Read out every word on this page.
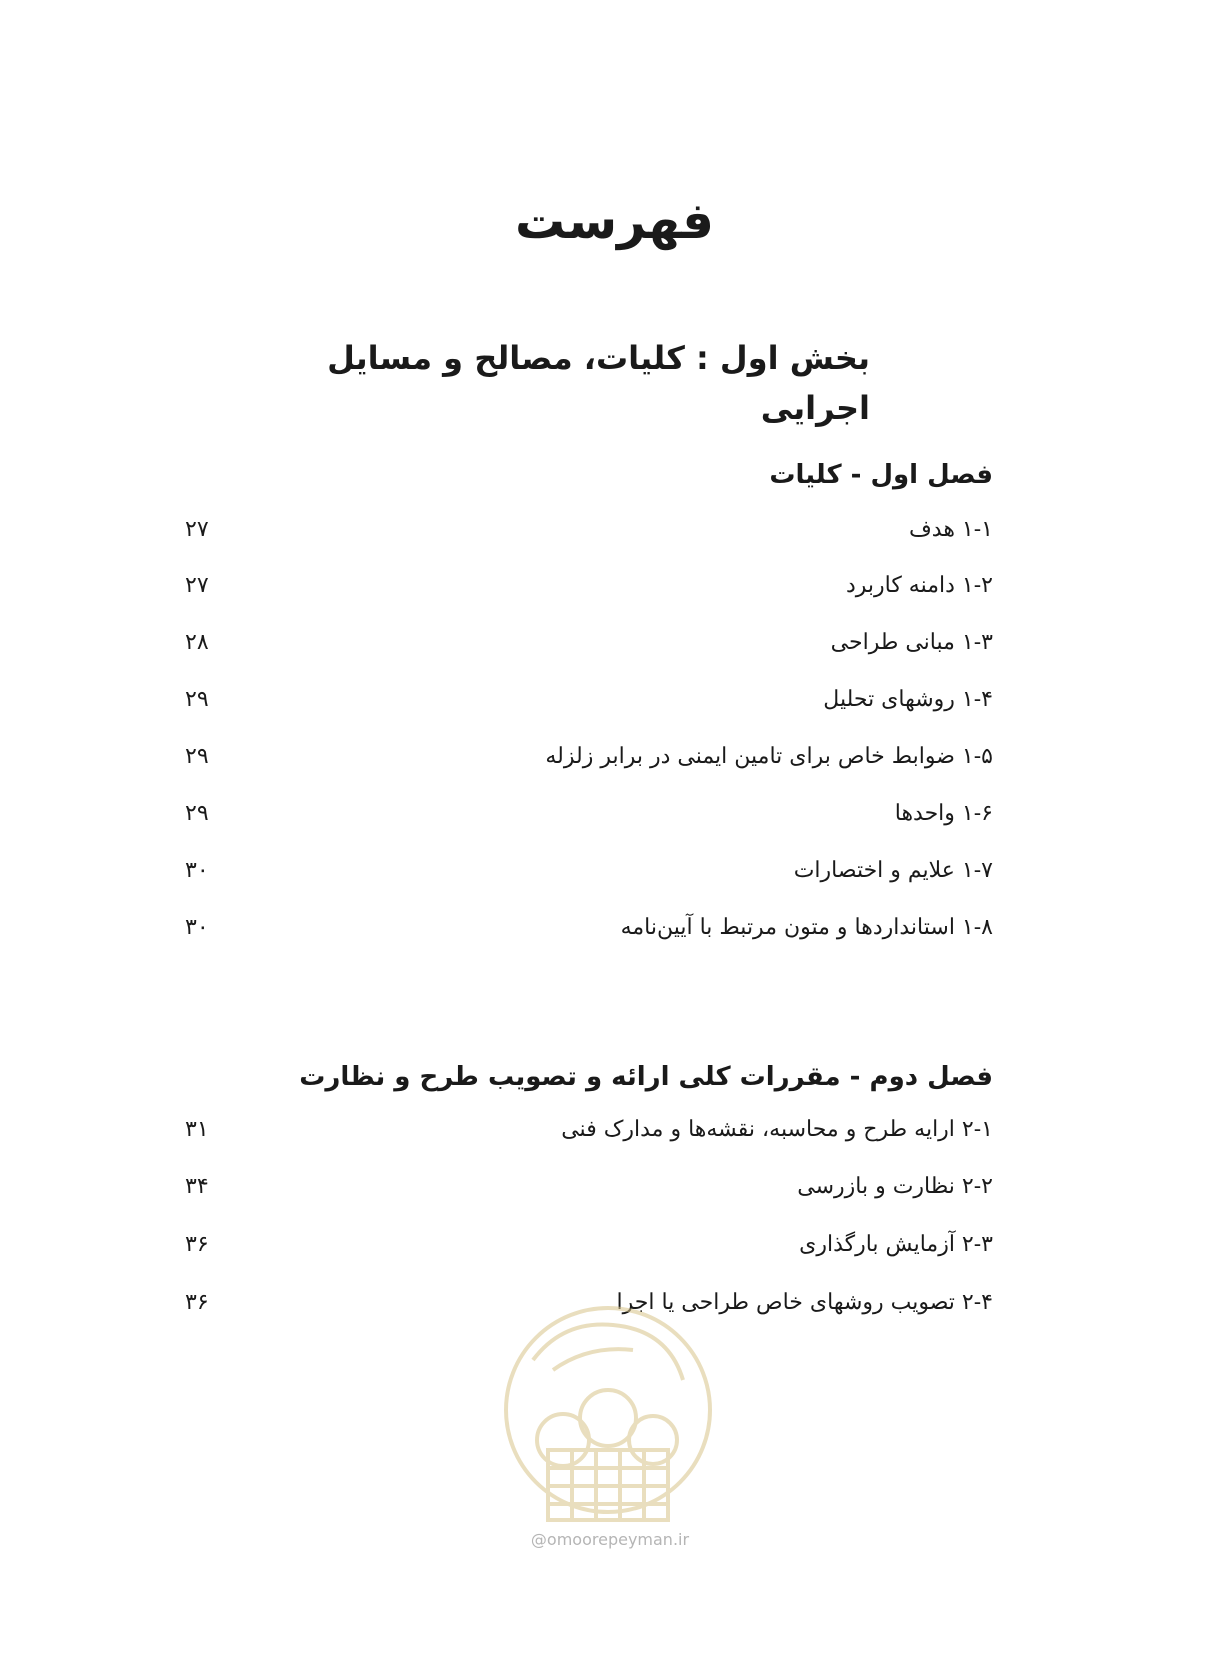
فهرست
بخش اول : کلیات، مصالح و مسایل اجرایی
فصل اول - کلیات
۱-۱ هدف
۲۷
۱-۲ دامنه کاربرد
۲۷
۱-۳ مبانی طراحی
۲۸
۱-۴ روشهای تحلیل
۲۹
۱-۵ ضوابط خاص برای تامین ایمنی در برابر زلزله
۲۹
۱-۶ واحدها
۲۹
۱-۷ علایم و اختصارات
۳۰
۱-۸ استانداردها و متون مرتبط با آیین‌نامه
۳۰
فصل دوم - مقررات کلی ارائه و تصویب طرح و نظارت
۲-۱ ارایه طرح و محاسبه، نقشه‌ها و مدارک فنی
۳۱
۲-۲ نظارت و بازرسی
۳۴
۲-۳ آزمایش بارگذاری
۳۶
۲-۴ تصویب روشهای خاص طراحی یا اجرا
۳۶
@omoorepeyman.ir
